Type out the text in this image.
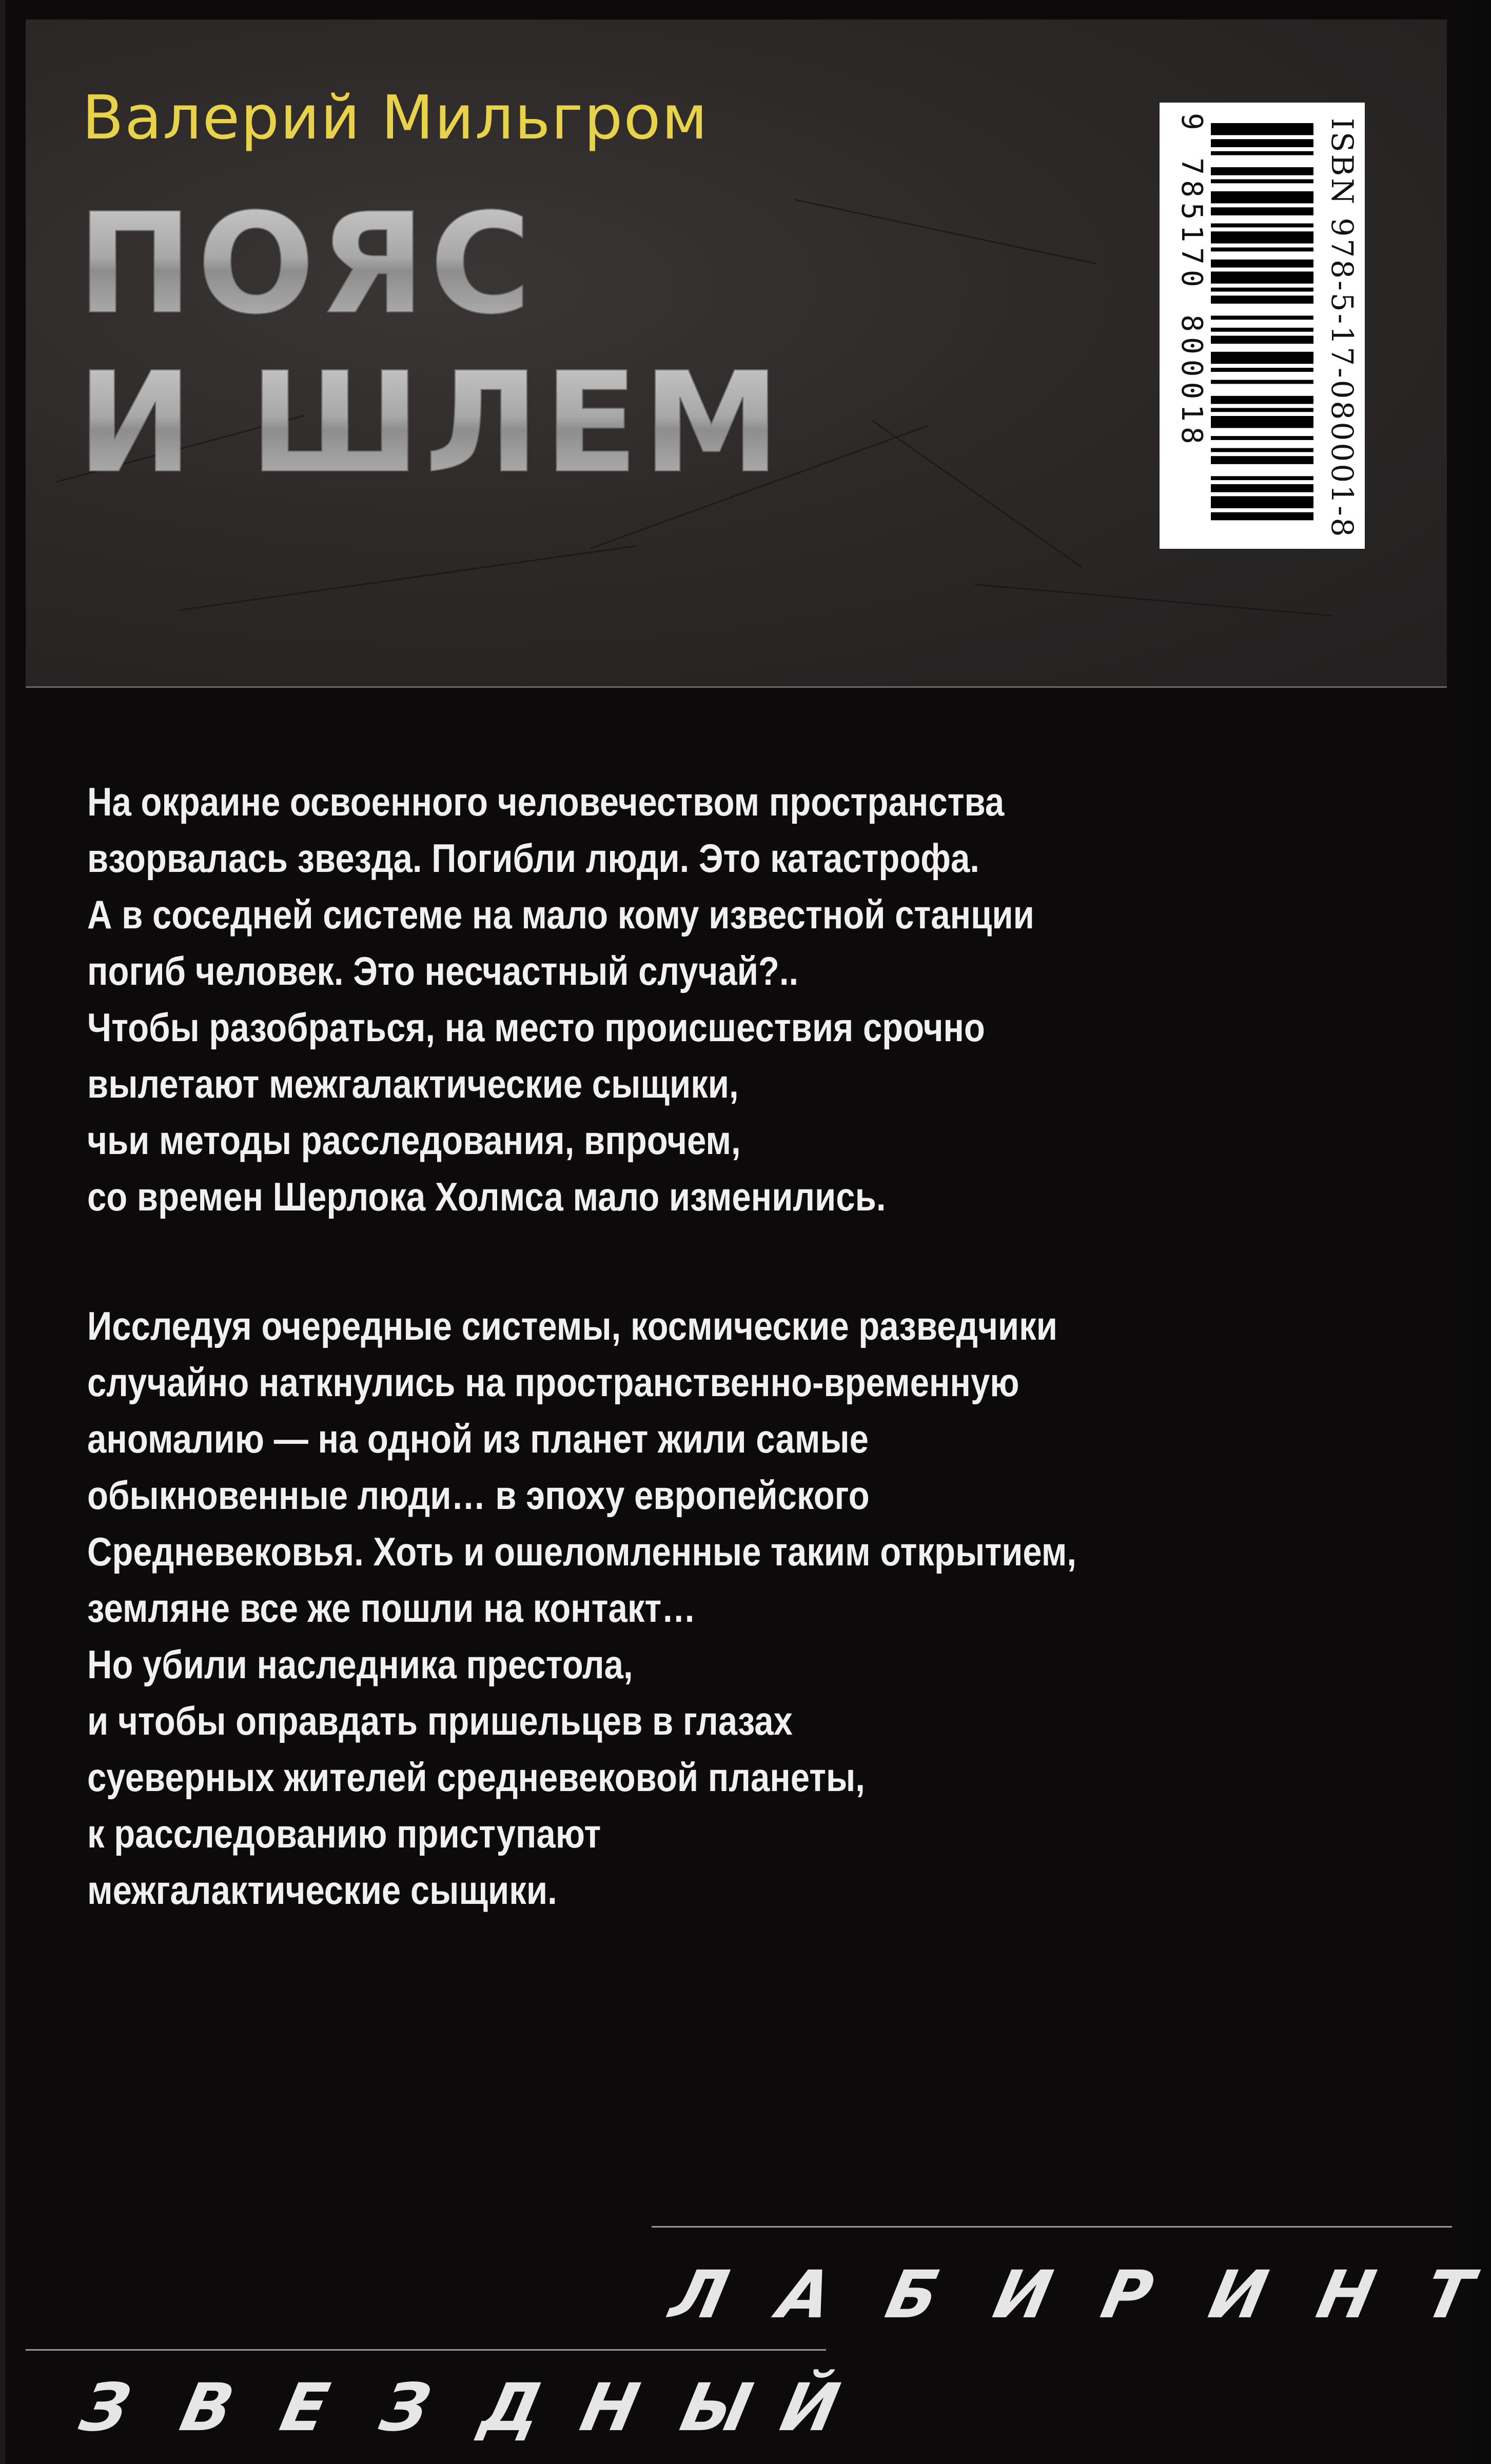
Валерий Мильгром
ПОЯС
И ШЛЕМ	ISBN 978-5-17-080001-8
9 785170 800018
На окраине освоенного человечеством пространства
взорвалась звезда. Погибли люди. Это катастрофа.
А в соседней системе на мало кому известной станции
погиб человек. Это несчастный случай?..
Чтобы разобраться, на место происшествия срочно
вылетают межгалактические сыщики,
чьи методы расследования, впрочем,
со времен Шерлока Холмса мало изменились.
Исследуя очередные системы, космические разведчики
случайно наткнулись на пространственно-временную
аномалию — на одной из планет жили самые
обыкновенные люди… в эпоху европейского
Средневековья. Хоть и ошеломленные таким открытием,
земляне все же пошли на контакт…
Но убили наследника престола,
и чтобы оправдать пришельцев в глазах
суеверных жителей средневековой планеты,
к расследованию приступают
межгалактические сыщики.
Л А Б И Р И Н Т
З В Е З Д Н Ы Й
